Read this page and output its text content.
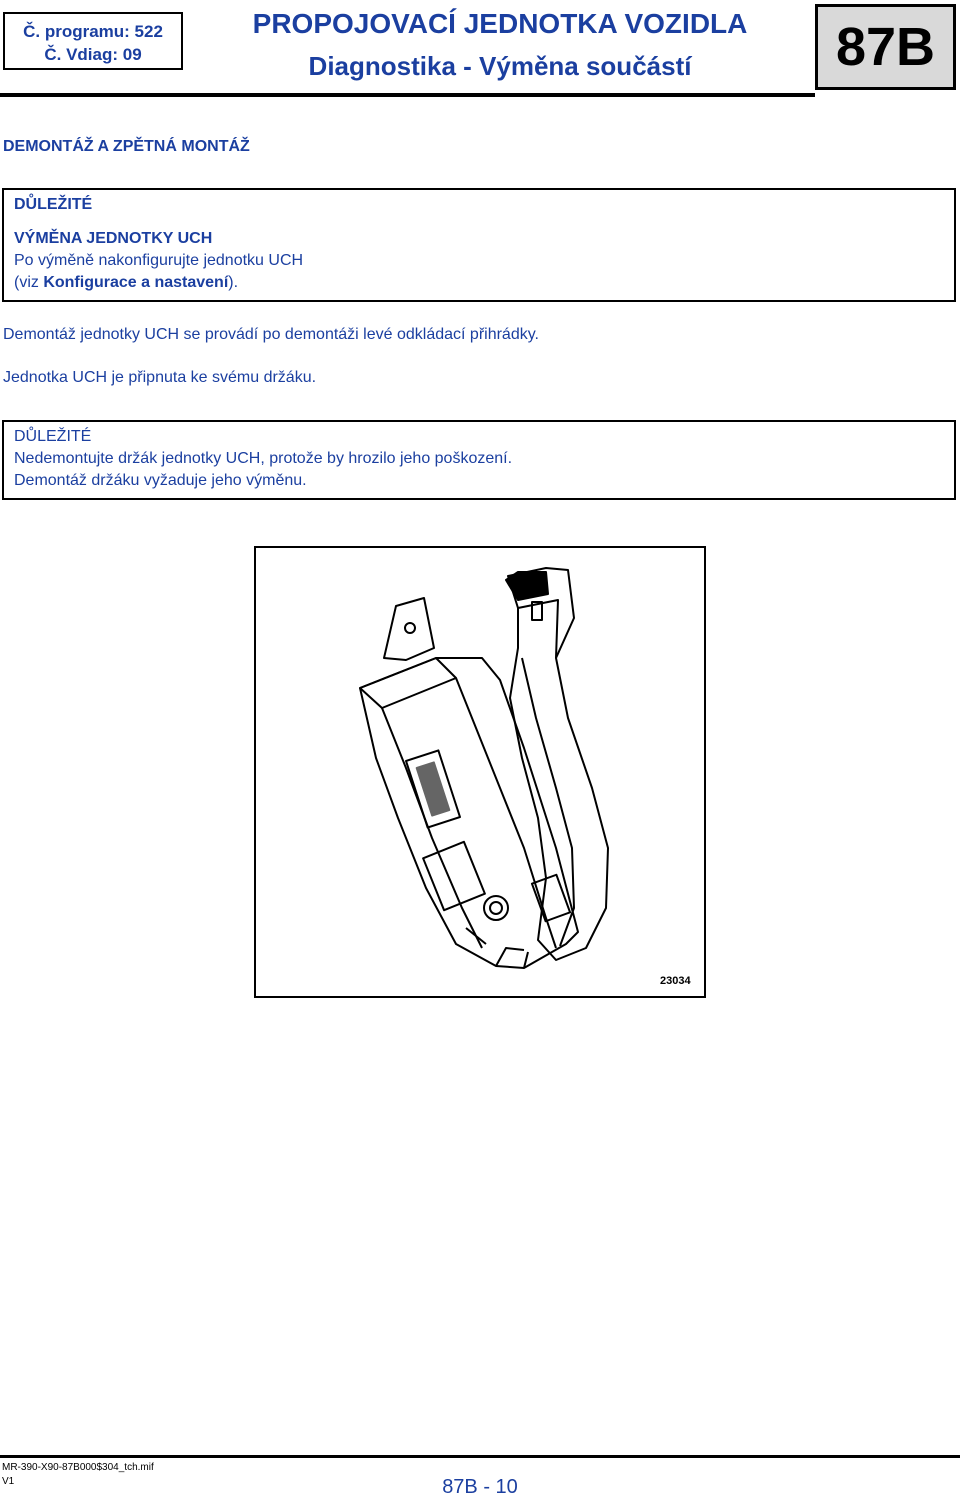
Č. programu: 522
Č. Vdiag: 09
PROPOJOVACÍ JEDNOTKA VOZIDLA
Diagnostika - Výměna součástí	87B
DEMONTÁŽ A ZPĚTNÁ MONTÁŽ
DŮLEŽITÉ
VÝMĚNA JEDNOTKY UCH
Po výměně nakonfigurujte jednotku UCH
(viz Konfigurace a nastavení).
Demontáž jednotky UCH se provádí po demontáži levé odkládací přihrádky.
Jednotka UCH je připnuta ke svému držáku.
DŮLEŽITÉ
Nedemontujte držák jednotky UCH, protože by hrozilo jeho poškození.
Demontáž držáku vyžaduje jeho výměnu.
23034
MR-390-X90-87B000$304_tch.mif
V1	87B - 10
